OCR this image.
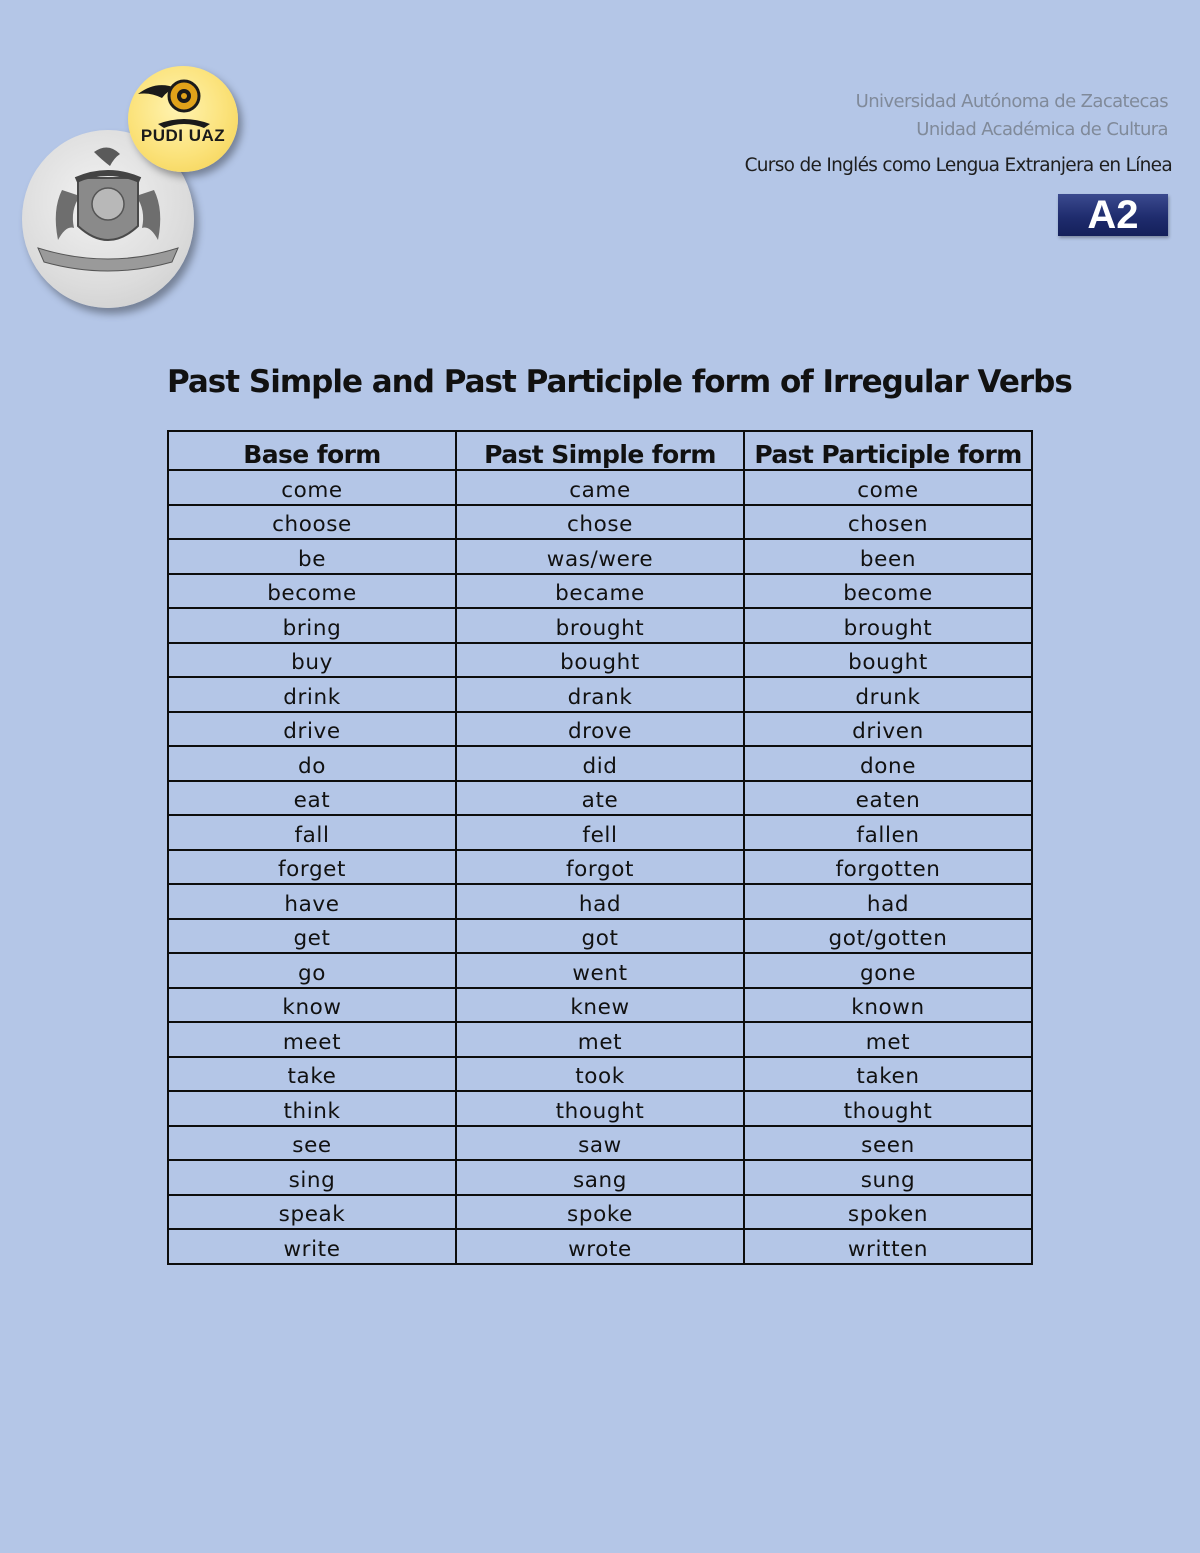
PUDI UAZ
Universidad Autónoma de Zacatecas
Unidad Académica de Cultura
Curso de Inglés como Lengua Extranjera en Línea
A2
Past Simple and Past Participle form of Irregular Verbs
Base form	Past Simple form	Past Participle form
come	came	come
choose	chose	chosen
be	was/were	been
become	became	become
bring	brought	brought
buy	bought	bought
drink	drank	drunk
drive	drove	driven
do	did	done
eat	ate	eaten
fall	fell	fallen
forget	forgot	forgotten
have	had	had
get	got	got/gotten
go	went	gone
know	knew	known
meet	met	met
take	took	taken
think	thought	thought
see	saw	seen
sing	sang	sung
speak	spoke	spoken
write	wrote	written
